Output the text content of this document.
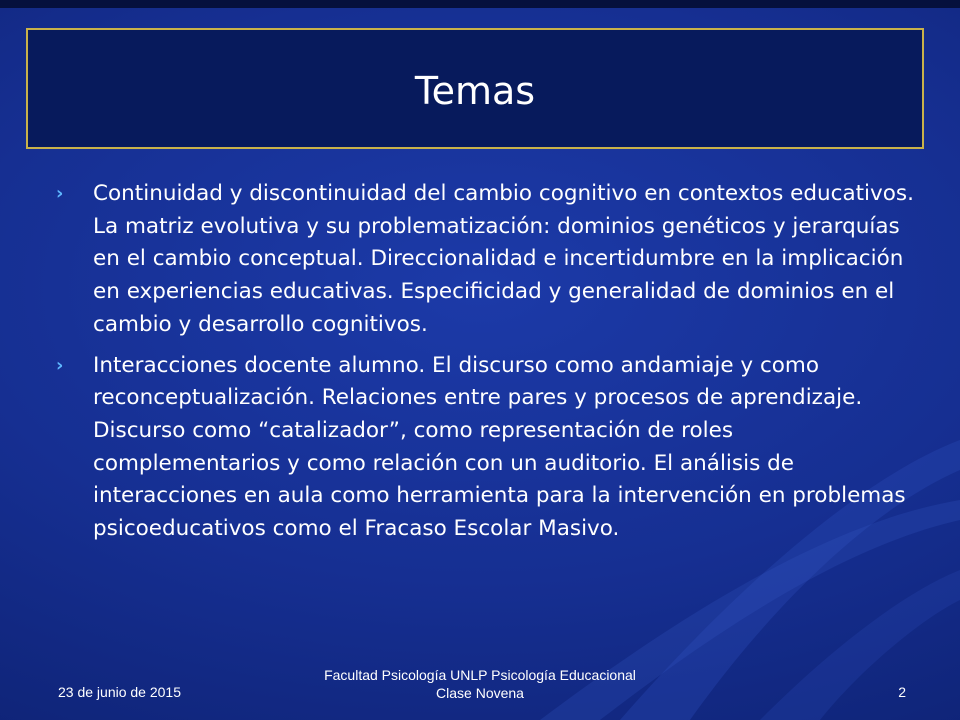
Temas
› Continuidad y discontinuidad del cambio cognitivo en contextos educativos. La matriz evolutiva y su problematización: dominios genéticos y jerarquías en el cambio conceptual. Direccionalidad e incertidumbre en la implicación en experiencias educativas. Especificidad y generalidad de dominios en el cambio y desarrollo cognitivos.
› Interacciones docente alumno. El discurso como andamiaje y como reconceptualización. Relaciones entre pares y procesos de aprendizaje. Discurso como “catalizador”, como representación de roles complementarios y como relación con un auditorio. El análisis de interacciones en aula como herramienta para la intervención en problemas psicoeducativos como el Fracaso Escolar Masivo.
23 de junio de 2015
Facultad Psicología UNLP Psicología Educacional
Clase Novena	2
